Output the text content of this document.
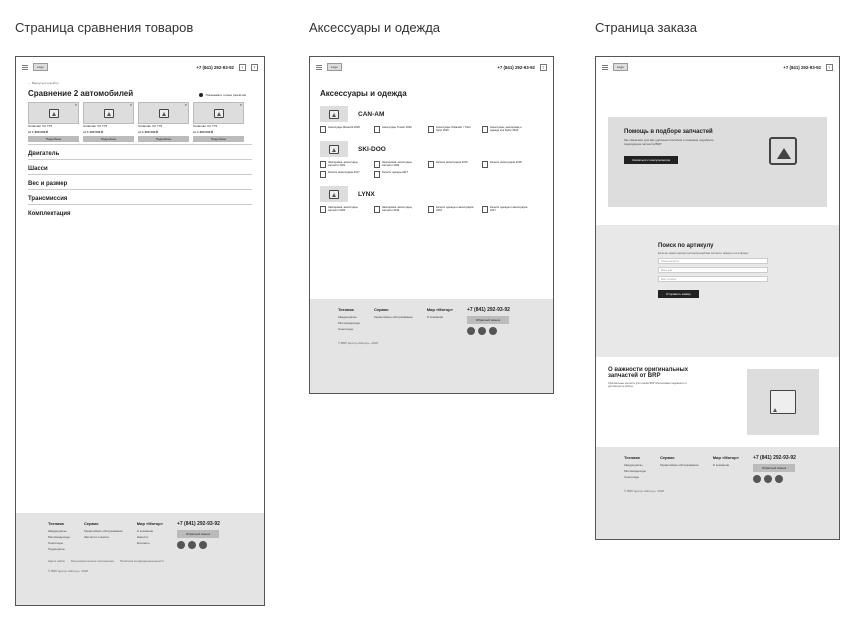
Страница сравнения товаров	Аксессуары и одежда	Страница заказа
Logo	+7 (841) 292-93-92	▯	⇩
← Вернуться в выбор
Сравнение 2 автомобилей	Показывать только различия
×
Outlander XU T75
от 1 200 000 ₽
Подробнее
×
Outlander XU T75
от 1 200 000 ₽
Подробнее
×
Outlander XU T75
от 1 200 000 ₽
Подробнее
×
Outlander XU T75
от 1 200 000 ₽
Подробнее
Двигатель
Шасси
Вес и размер
Трансмиссия
Комплектация
Техника
Квадроциклы
Мотовездеходы
Снегоходы
Гидроциклы
Сервис
Гарантийное обслуживание
Запчасти и масла
Мир «Мотор»
О компании
Новости
Контакты
+7 (841) 292-93-92
Обратный звонок
Карта сайта Пользовательское соглашение Политика конфиденциальности
© BRP Центр «Мотор», 2018
Logo	+7 (841) 292-93-92	▯
Аксессуары и одежда
CAN-AM
Аксессуары Maverick 2020	Аксессуары Traxter 2020	Аксессуары Outlander / Trail / Sport 2020
Аксессуары, экипировка и одежда для Ryker 2020
SKI-DOO
Экипировка, аксессуары, запчасти 2021
Экипировка, аксессуары, запчасти 2020
Каталог аксессуаров 2019	Каталог аксессуаров 2018
Каталог аксессуаров 2017	Каталог одежды 2017
LYNX
Экипировка, аксессуары, запчасти 2020
Экипировка, аксессуары, запчасти 2019
Каталог одежды и аксессуаров 2018
Каталог одежды и аксессуаров 2017
Техника
Квадроциклы
Мотовездеходы
Снегоходы
Сервис
Гарантийное обслуживание
Мир «Мотор»
О компании
+7 (841) 292-93-92
Обратный звонок
© BRP Центр «Мотор», 2018
Logo	+7 (841) 292-93-92	▯
Помощь в подборе запчастей

Мы свяжемся для вас удобным способом и поможем подобрать подходящие запчасти BRP

Связаться с консультантом
Поиск по артикулу

Если вы знаете артикул интересующей вас запчасти, введите его в форму

Номер запчасти
Ваше имя
Ваш телефон
Отправить заявку
О важности оригинальных запчастей от BRP

Оригинальные запчасти для техники BRP обеспечивают надежность и долговечность работы.

Техника
Квадроциклы
Мотовездеходы
Снегоходы
Сервис
Гарантийное обслуживание
Мир «Мотор»
О компании
+7 (841) 292-93-92
Обратный звонок
© BRP Центр «Мотор», 2018
